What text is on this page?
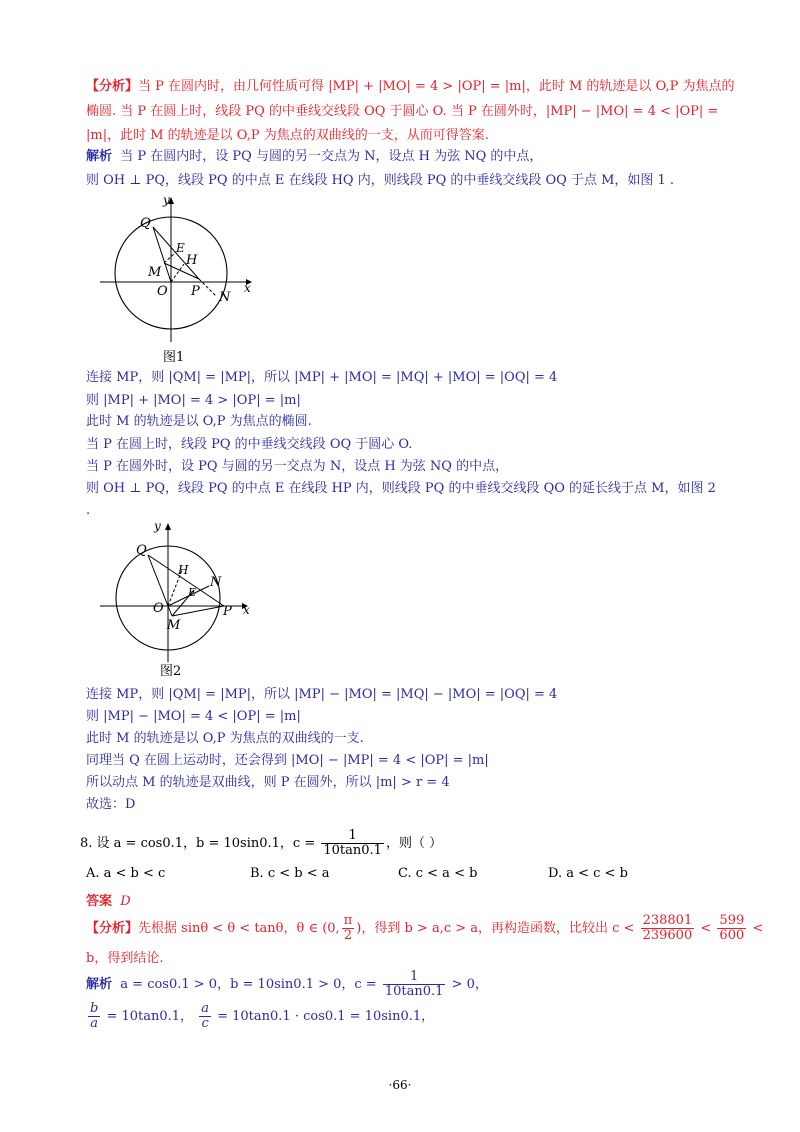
【分析】当 P 在圆内时，由几何性质可得 |MP| + |MO| = 4 > |OP| = |m|，此时 M 的轨迹是以 O,P 为焦点的
椭圆. 当 P 在圆上时，线段 PQ 的中垂线交线段 OQ 于圆心 O. 当 P 在圆外时，|MP| − |MO| = 4 < |OP| =
|m|，此时 M 的轨迹是以 O,P 为焦点的双曲线的一支，从而可得答案.
解析 当 P 在圆内时，设 PQ 与圆的另一交点为 N，设点 H 为弦 NQ 的中点，
则 OH ⊥ PQ，线段 PQ 的中点 E 在线段 HQ 内，则线段 PQ 的中垂线交线段 OQ 于点 M，如图 1 .
y
x
Q
E
H
M
O P N
图1
连接 MP，则 |QM| = |MP|，所以 |MP| + |MO| = |MQ| + |MO| = |OQ| = 4
则 |MP| + |MO| = 4 > |OP| = |m|
此时 M 的轨迹是以 O,P 为焦点的椭圆.
当 P 在圆上时，线段 PQ 的中垂线交线段 OQ 于圆心 O.
当 P 在圆外时，设 PQ 与圆的另一交点为 N，设点 H 为弦 NQ 的中点，
则 OH ⊥ PQ，线段 PQ 的中点 E 在线段 HP 内，则线段 PQ 的中垂线交线段 QO 的延长线于点 M，如图 2
.
y
x
Q
H
N
E
O	P
M
图2
连接 MP，则 |QM| = |MP|，所以 |MP| − |MO| = |MQ| − |MO| = |OQ| = 4
则 |MP| − |MO| = 4 < |OP| = |m|
此时 M 的轨迹是以 O,P 为焦点的双曲线的一支.
同理当 Q 在圆上运动时，还会得到 |MO| − |MP| = 4 < |OP| = |m|
所以动点 M 的轨迹是双曲线，则 P 在圆外，所以 |m| > r = 4
故选：D
8. 设 a = cos0.1，b = 10sin0.1，$c = \frac{1}{10\tan 0.1}$ ，则（ ）
A. a < b < c	B. c < b < a	C. c < a < b	D. a < c < b
答案 D
【分析】先根据 sinθ < θ < tanθ，θ ∈ (0, $\frac{\pi}{2}$ )，得到 b > a,c > a，再构造函数，比较出 $c < \frac{238801}{239600} < \frac{599}{600}$ <
b，得到结论.
解析 a = cos0.1 > 0，b = 10sin0.1 > 0，$c = \frac{1}{10\tan 0.1} > 0$，
$\frac{b}{a} = 10\tan 0.1$， $\frac{a}{c} = 10\tan 0.1 \cdot \cos 0.1 = 10\sin 0.1$，
·66·
